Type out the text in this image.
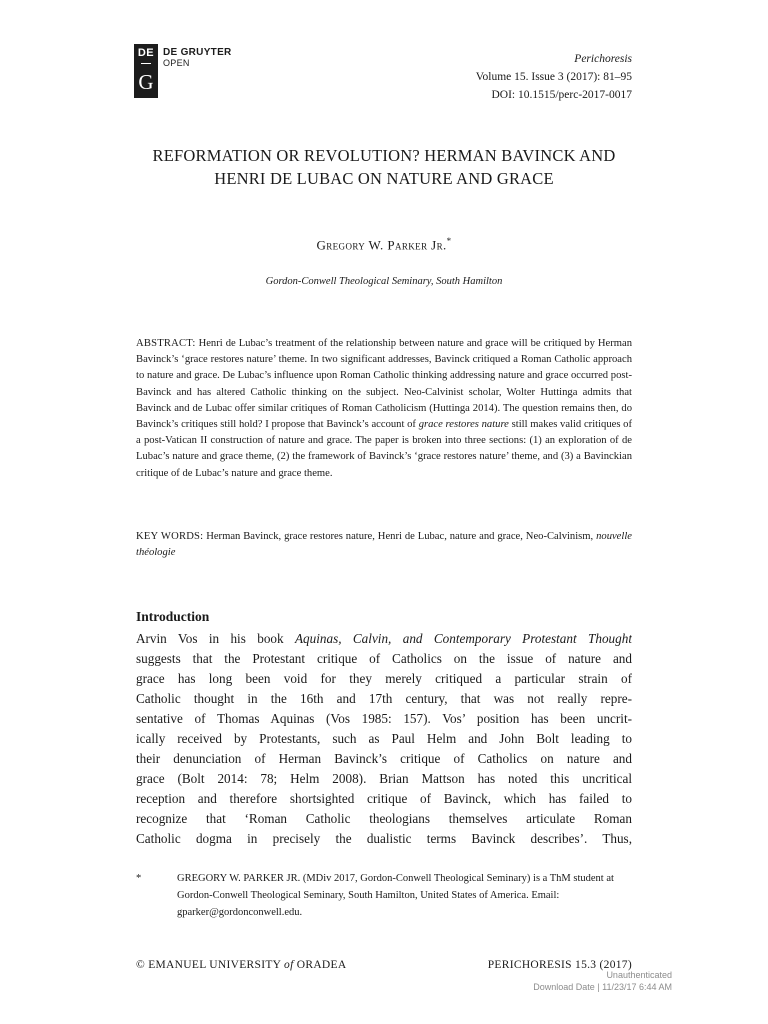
DE
G
DE GRUYTER
OPEN	Perichoresis
Volume 15. Issue 3 (2017): 81–95
DOI: 10.1515/perc-2017-0017
REFORMATION OR REVOLUTION? HERMAN BAVINCK AND
HENRI DE LUBAC ON NATURE AND GRACE
Gregory W. Parker Jr.*
Gordon-Conwell Theological Seminary, South Hamilton
ABSTRACT: Henri de Lubac’s treatment of the relationship between nature and grace will be critiqued by Herman Bavinck’s ‘grace restores nature’ theme. In two significant addresses, Bavinck critiqued a Roman Catholic approach to nature and grace. De Lubac’s influence upon Roman Catholic thinking addressing nature and grace occurred post-Bavinck and has altered Catholic thinking on the subject. Neo-Calvinist scholar, Wolter Huttinga admits that Bavinck and de Lubac offer similar critiques of Roman Catholicism (Huttinga 2014). The question remains then, do Bavinck’s critiques still hold? I propose that Bavinck’s account of grace restores nature still makes valid critiques of a post-Vatican II construction of nature and grace. The paper is broken into three sections: (1) an exploration of de Lubac’s nature and grace theme, (2) the framework of Bavinck’s ‘grace restores nature’ theme, and (3) a Bavinckian critique of de Lubac’s nature and grace theme.
KEY WORDS: Herman Bavinck, grace restores nature, Henri de Lubac, nature and grace, Neo-Calvinism, nouvelle théologie
Introduction
Arvin Vos in his book Aquinas, Calvin, and Contemporary Protestant Thought
suggests that the Protestant critique of Catholics on the issue of nature and
grace has long been void for they merely critiqued a particular strain of
Catholic thought in the 16th and 17th century, that was not really repre-
sentative of Thomas Aquinas (Vos 1985: 157). Vos’ position has been uncrit-
ically received by Protestants, such as Paul Helm and John Bolt leading to
their denunciation of Herman Bavinck’s critique of Catholics on nature and
grace (Bolt 2014: 78; Helm 2008). Brian Mattson has noted this uncritical
reception and therefore shortsighted critique of Bavinck, which has failed to
recognize that ‘Roman Catholic theologians themselves articulate Roman
Catholic dogma in precisely the dualistic terms Bavinck describes’. Thus,
*	GREGORY W. PARKER JR. (MDiv 2017, Gordon-Conwell Theological Seminary) is a ThM student at Gordon-Conwell Theological Seminary, South Hamilton, United States of America. Email: gparker@gordonconwell.edu.
© EMANUEL UNIVERSITY of ORADEA	PERICHORESIS 15.3 (2017)
Unauthenticated
Download Date | 11/23/17 6:44 AM
